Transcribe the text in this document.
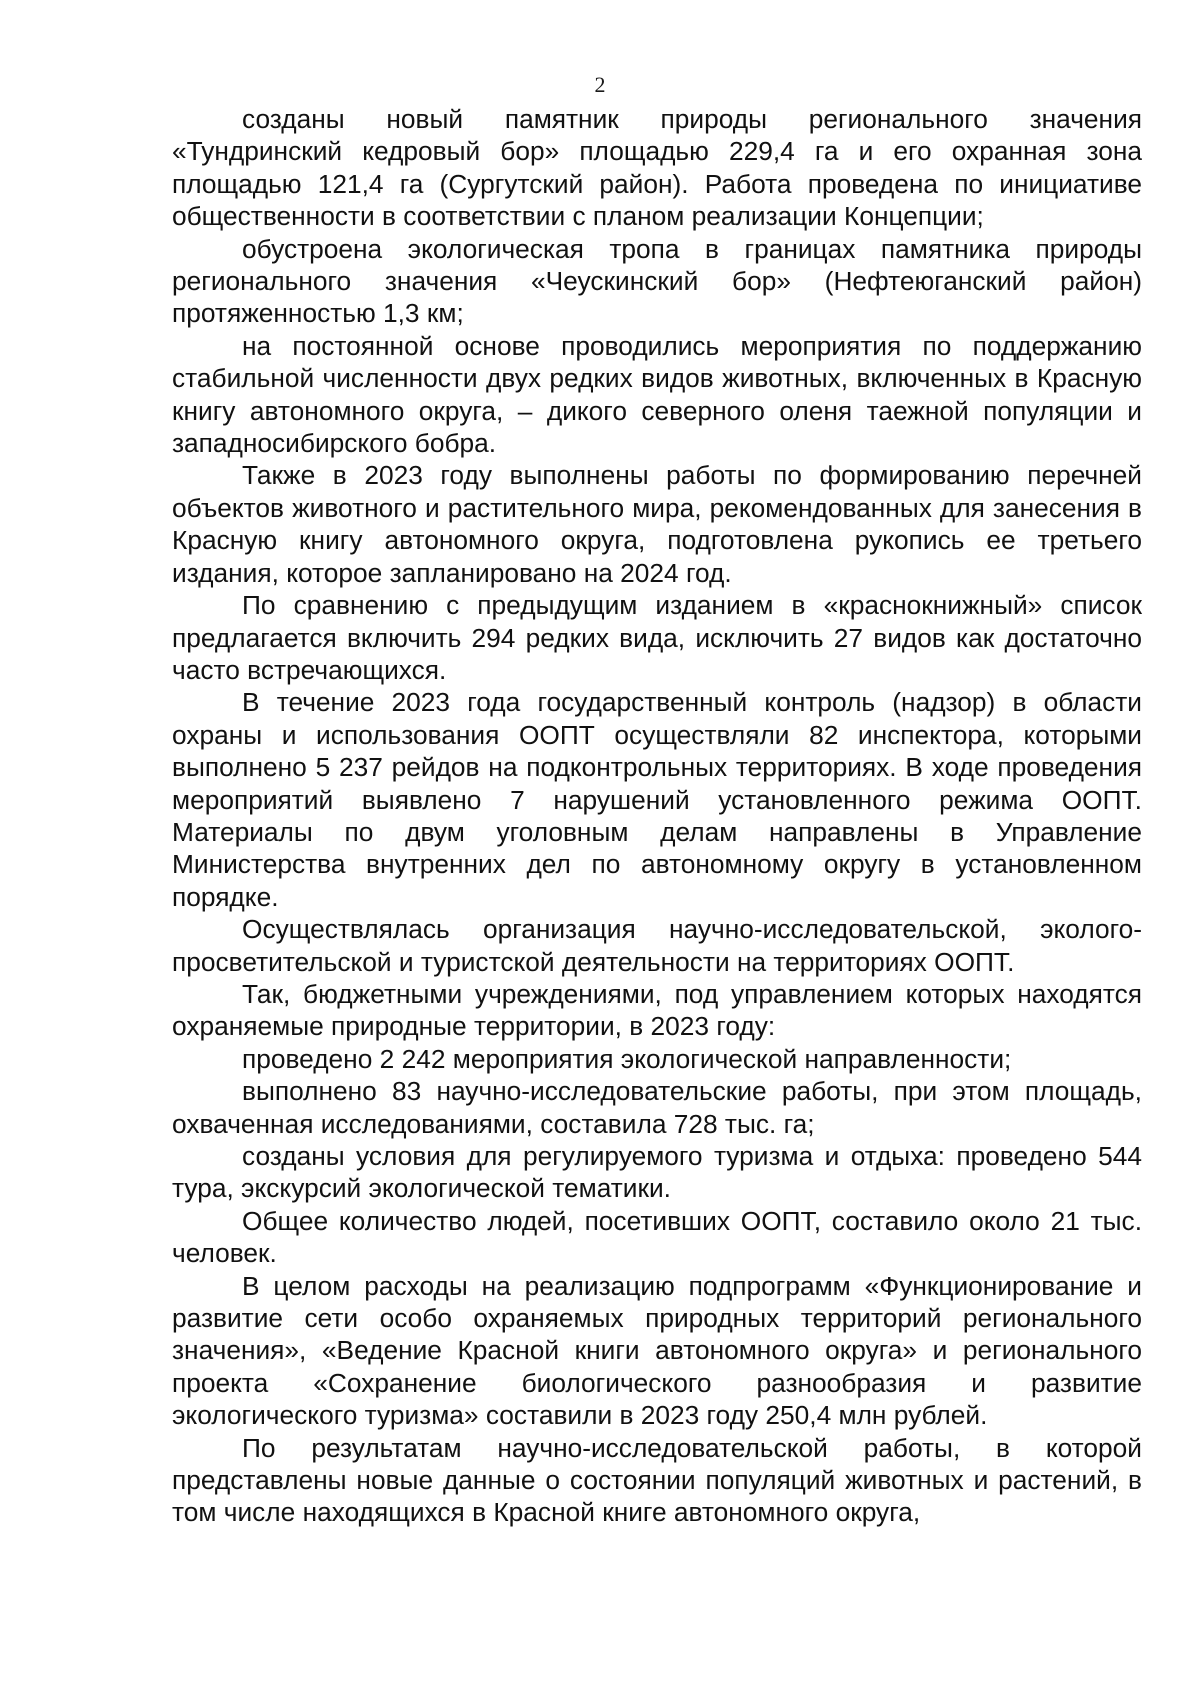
2

созданы новый памятник природы регионального значения «Тундринский кедровый бор» площадью 229,4 га и его охранная зона площадью 121,4 га (Сургутский район). Работа проведена по инициативе общественности в соответствии с планом реализации Концепции;

обустроена экологическая тропа в границах памятника природы регионального значения «Чеускинский бор» (Нефтеюганский район) протяженностью 1,3 км;

на постоянной основе проводились мероприятия по поддержанию стабильной численности двух редких видов животных, включенных в Красную книгу автономного округа, – дикого северного оленя таежной популяции и западносибирского бобра.

Также в 2023 году выполнены работы по формированию перечней объектов животного и растительного мира, рекомендованных для занесения в Красную книгу автономного округа, подготовлена рукопись ее третьего издания, которое запланировано на 2024 год.

По сравнению с предыдущим изданием в «краснокнижный» список предлагается включить 294 редких вида, исключить 27 видов как достаточно часто встречающихся.

В течение 2023 года государственный контроль (надзор) в области охраны и использования ООПТ осуществляли 82 инспектора, которыми выполнено 5 237 рейдов на подконтрольных территориях. В ходе проведения мероприятий выявлено 7 нарушений установленного режима ООПТ. Материалы по двум уголовным делам направлены в Управление Министерства внутренних дел по автономному округу в установленном порядке.

Осуществлялась организация научно-исследовательской, эколого-просветительской и туристской деятельности на территориях ООПТ.

Так, бюджетными учреждениями, под управлением которых находятся охраняемые природные территории, в 2023 году:

проведено 2 242 мероприятия экологической направленности;

выполнено 83 научно-исследовательские работы, при этом площадь, охваченная исследованиями, составила 728 тыс. га;

созданы условия для регулируемого туризма и отдыха: проведено 544 тура, экскурсий экологической тематики.

Общее количество людей, посетивших ООПТ, составило около 21 тыс. человек.

В целом расходы на реализацию подпрограмм «Функционирование и развитие сети особо охраняемых природных территорий регионального значения», «Ведение Красной книги автономного округа» и регионального проекта «Сохранение биологического разнообразия и развитие экологического туризма» составили в 2023 году 250,4 млн рублей.

По результатам научно-исследовательской работы, в которой представлены новые данные о состоянии популяций животных и растений, в том числе находящихся в Красной книге автономного округа,
